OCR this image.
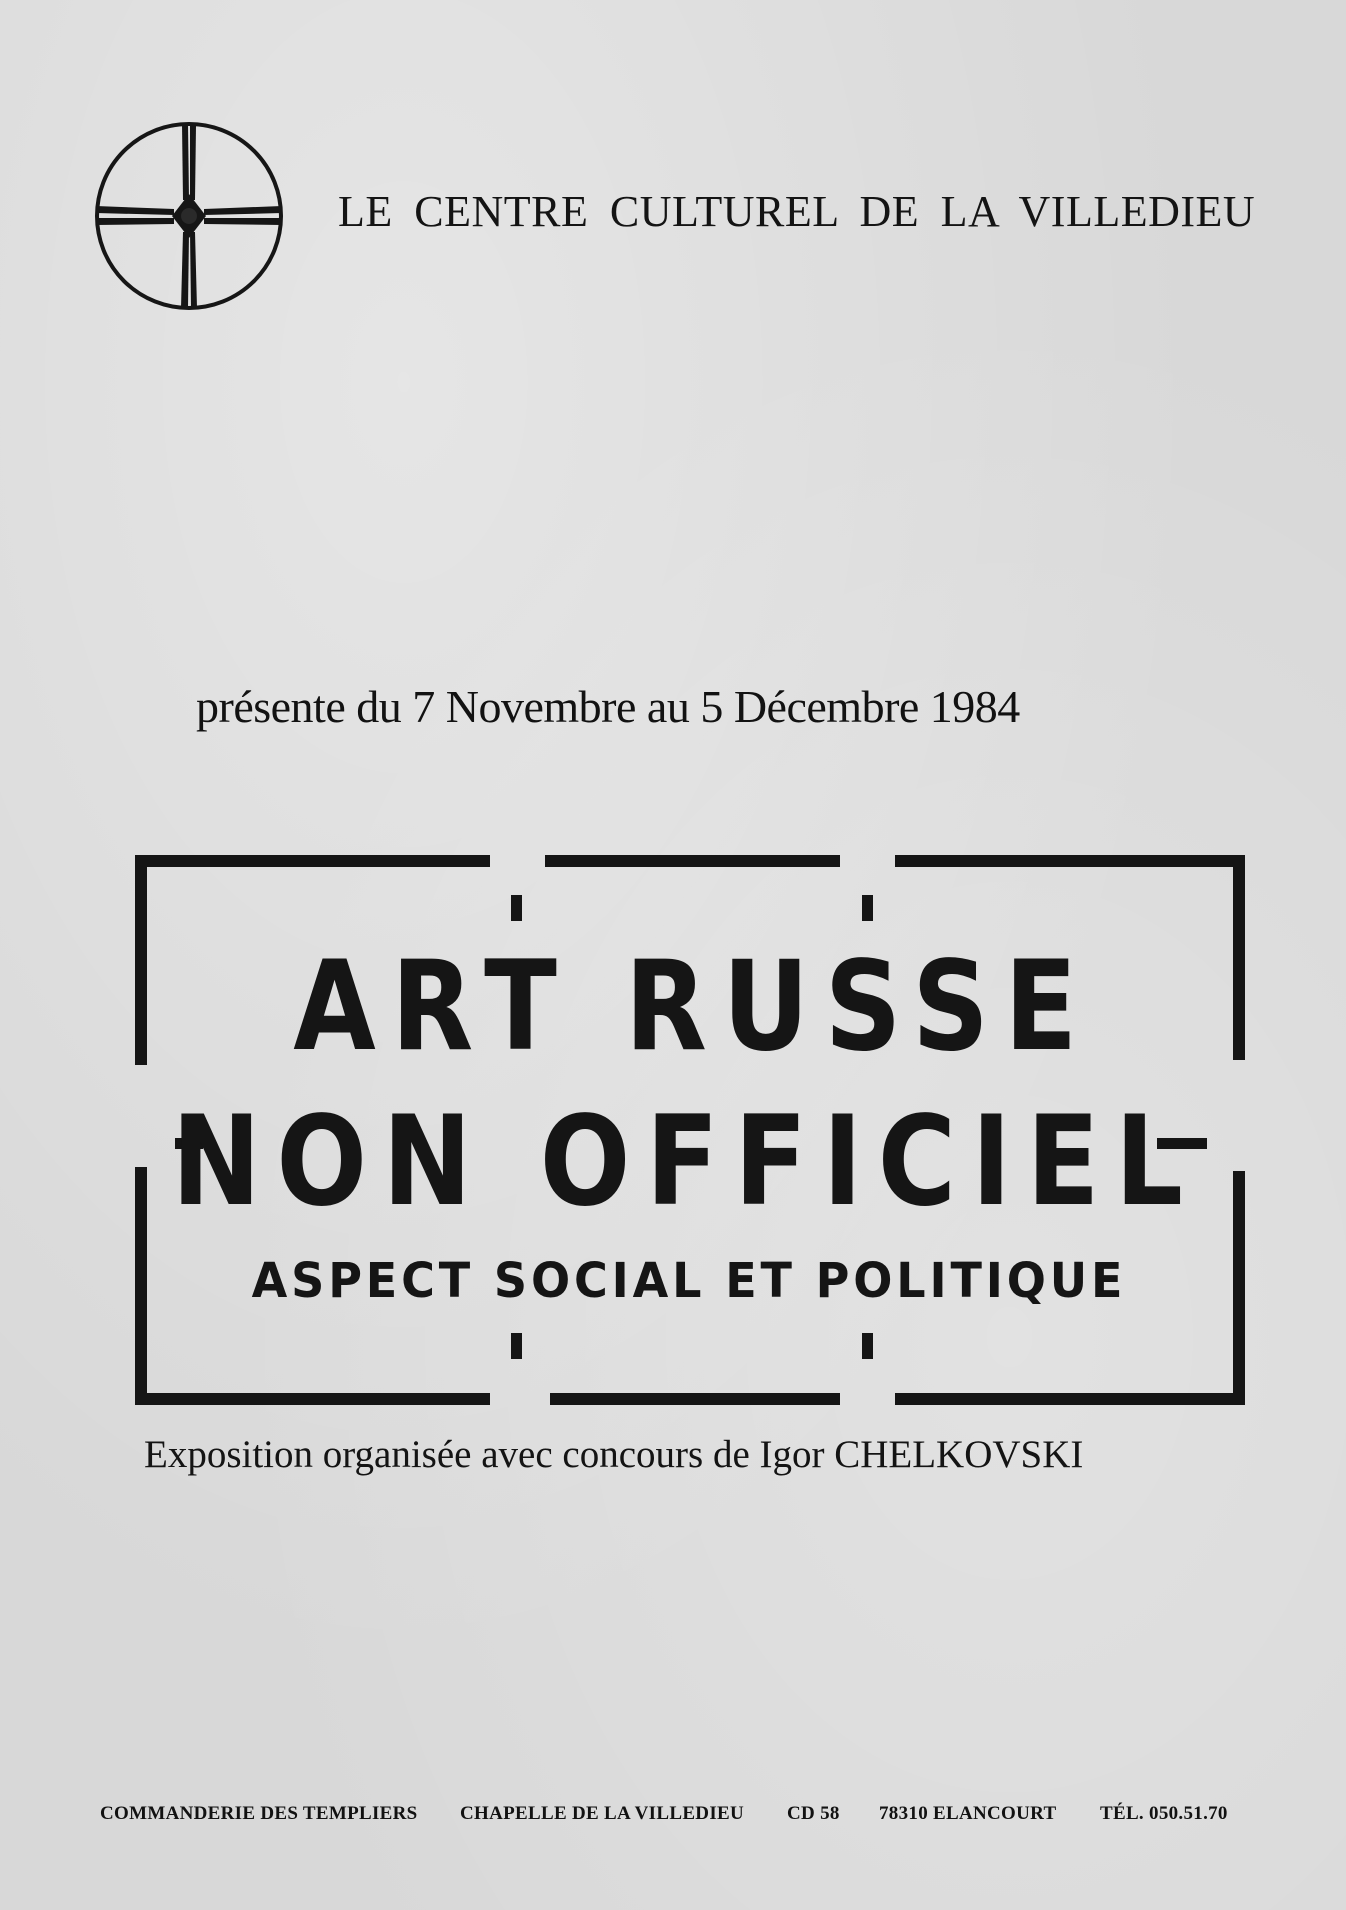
LE CENTRE CULTUREL DE LA VILLEDIEU
présente du 7 Novembre au 5 Décembre 1984
ART RUSSE
NON OFFICIEL
ASPECT SOCIAL ET POLITIQUE
Exposition organisée avec concours de Igor CHELKOVSKI
COMMANDERIE DES TEMPLIERS CHAPELLE DE LA VILLEDIEU CD 58 78310 ELANCOURT TÉL. 050.51.70
